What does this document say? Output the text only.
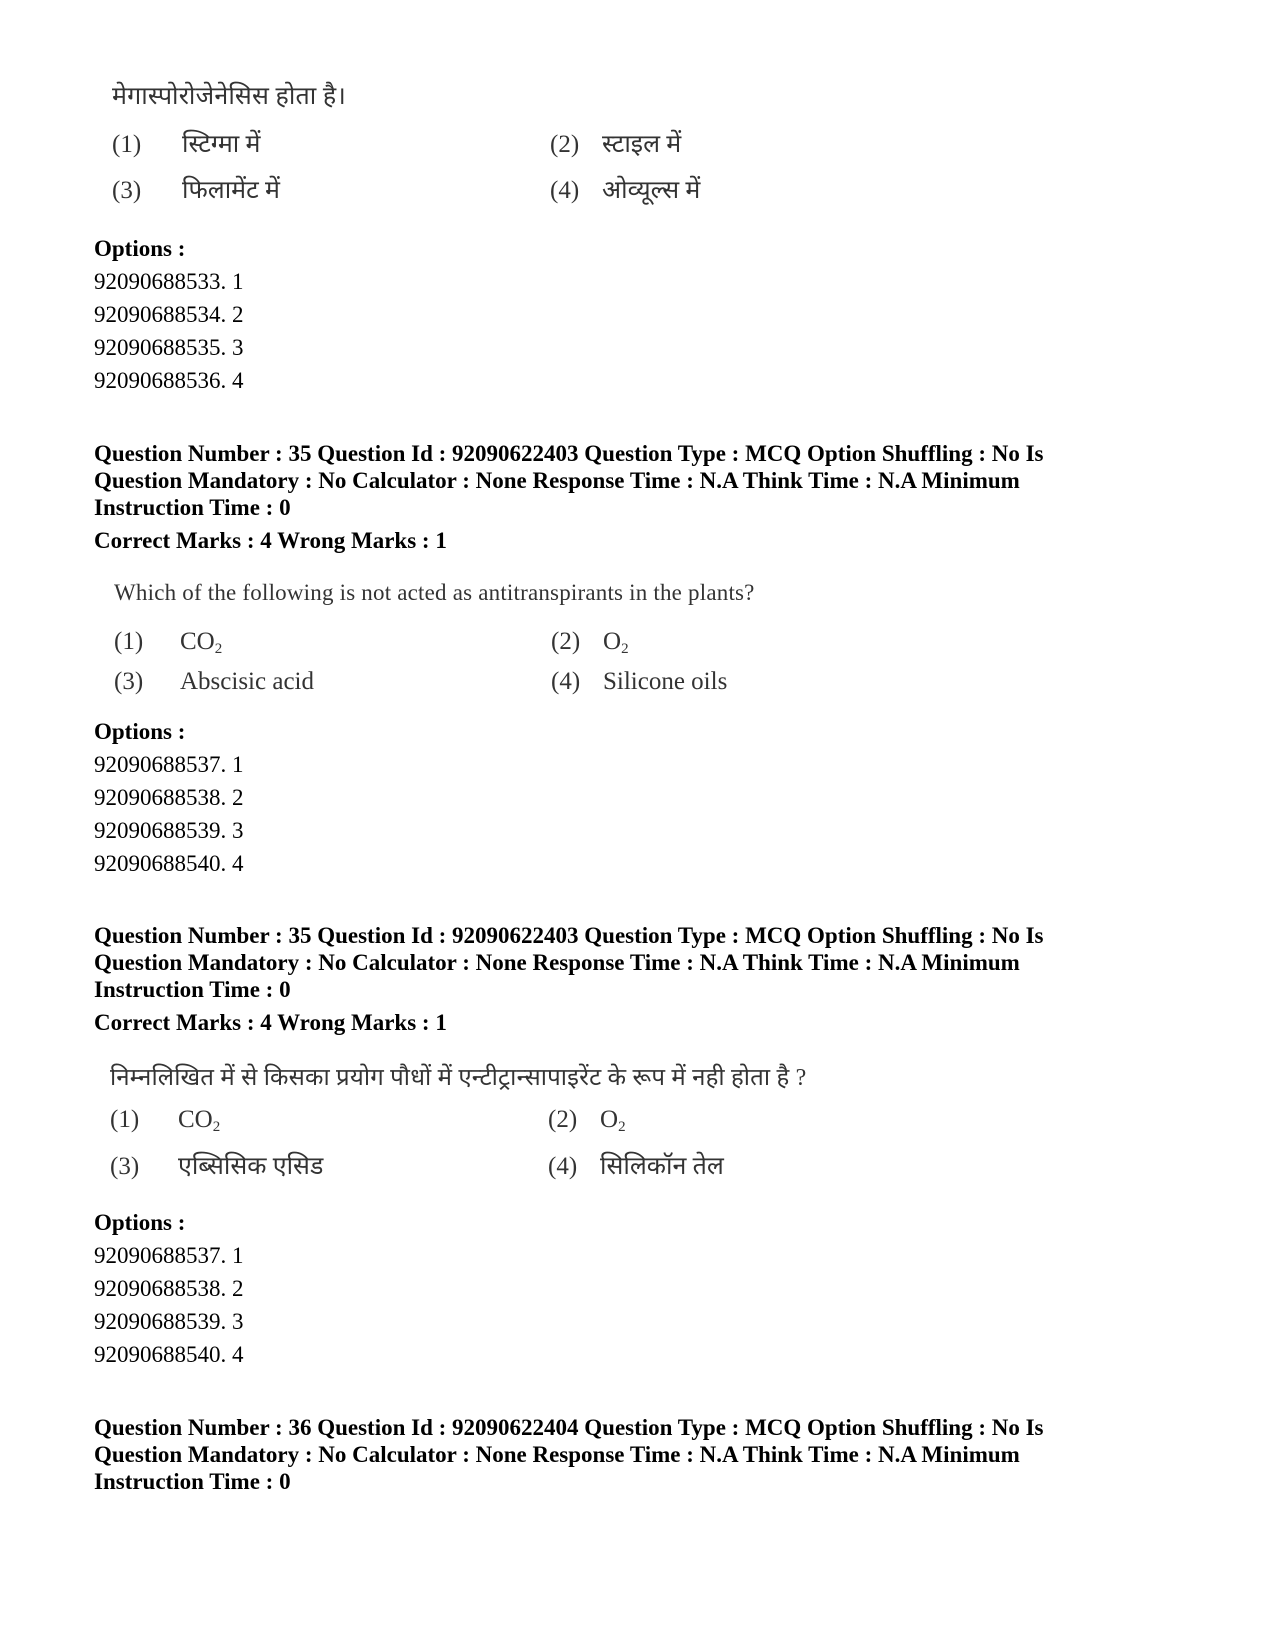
मेगास्पोरोजेनेसिस होता है।
(1) स्टिग्मा में	(2) स्टाइल में
(3) फिलामेंट में	(4) ओव्यूल्स में
Options :
92090688533. 1
92090688534. 2
92090688535. 3
92090688536. 4
Question Number : 35 Question Id : 92090622403 Question Type : MCQ Option Shuffling : No Is
Question Mandatory : No Calculator : None Response Time : N.A Think Time : N.A Minimum
Instruction Time : 0
Correct Marks : 4 Wrong Marks : 1
Which of the following is not acted as antitranspirants in the plants?
(1) $CO_2$	(2) $O_2$
(3) Abscisic acid	(4) Silicone oils
Options :
92090688537. 1
92090688538. 2
92090688539. 3
92090688540. 4
Question Number : 35 Question Id : 92090622403 Question Type : MCQ Option Shuffling : No Is
Question Mandatory : No Calculator : None Response Time : N.A Think Time : N.A Minimum
Instruction Time : 0
Correct Marks : 4 Wrong Marks : 1
निम्नलिखित में से किसका प्रयोग पौधों में एन्टीट्रान्सापाइरेंट के रूप में नही होता है ?
(1) $CO_2$	(2) $O_2$
(3) एब्सिसिक एसिड	(4) सिलिकॉन तेल
Options :
92090688537. 1
92090688538. 2
92090688539. 3
92090688540. 4
Question Number : 36 Question Id : 92090622404 Question Type : MCQ Option Shuffling : No Is
Question Mandatory : No Calculator : None Response Time : N.A Think Time : N.A Minimum
Instruction Time : 0
